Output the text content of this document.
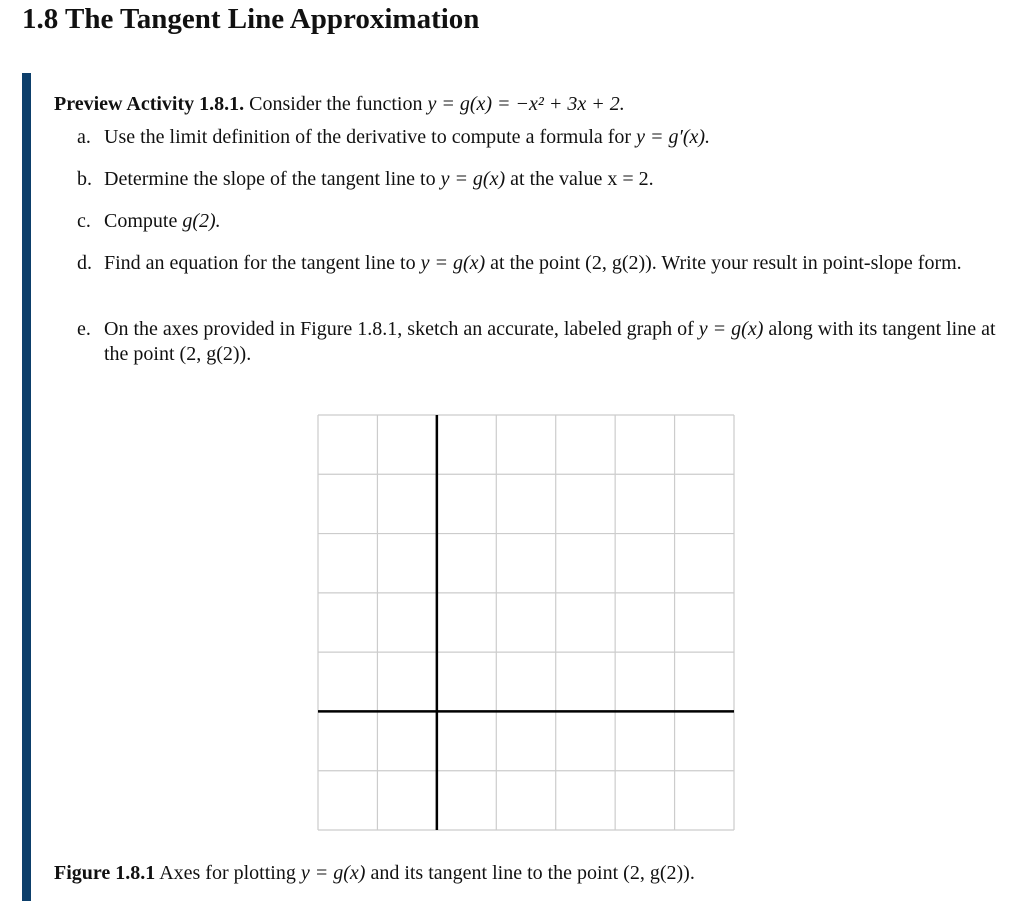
1.8 The Tangent Line Approximation
Preview Activity 1.8.1. Consider the function y = g(x) = −x² + 3x + 2.
a. Use the limit definition of the derivative to compute a formula for y = g′(x).
b. Determine the slope of the tangent line to y = g(x) at the value x = 2.
c. Compute g(2).
d. Find an equation for the tangent line to y = g(x) at the point (2, g(2)). Write your result in point-slope form.
e. On the axes provided in Figure 1.8.1, sketch an accurate, labeled graph of y = g(x) along with its tangent line at the point (2, g(2)).
Figure 1.8.1 Axes for plotting y = g(x) and its tangent line to the point (2, g(2)).
